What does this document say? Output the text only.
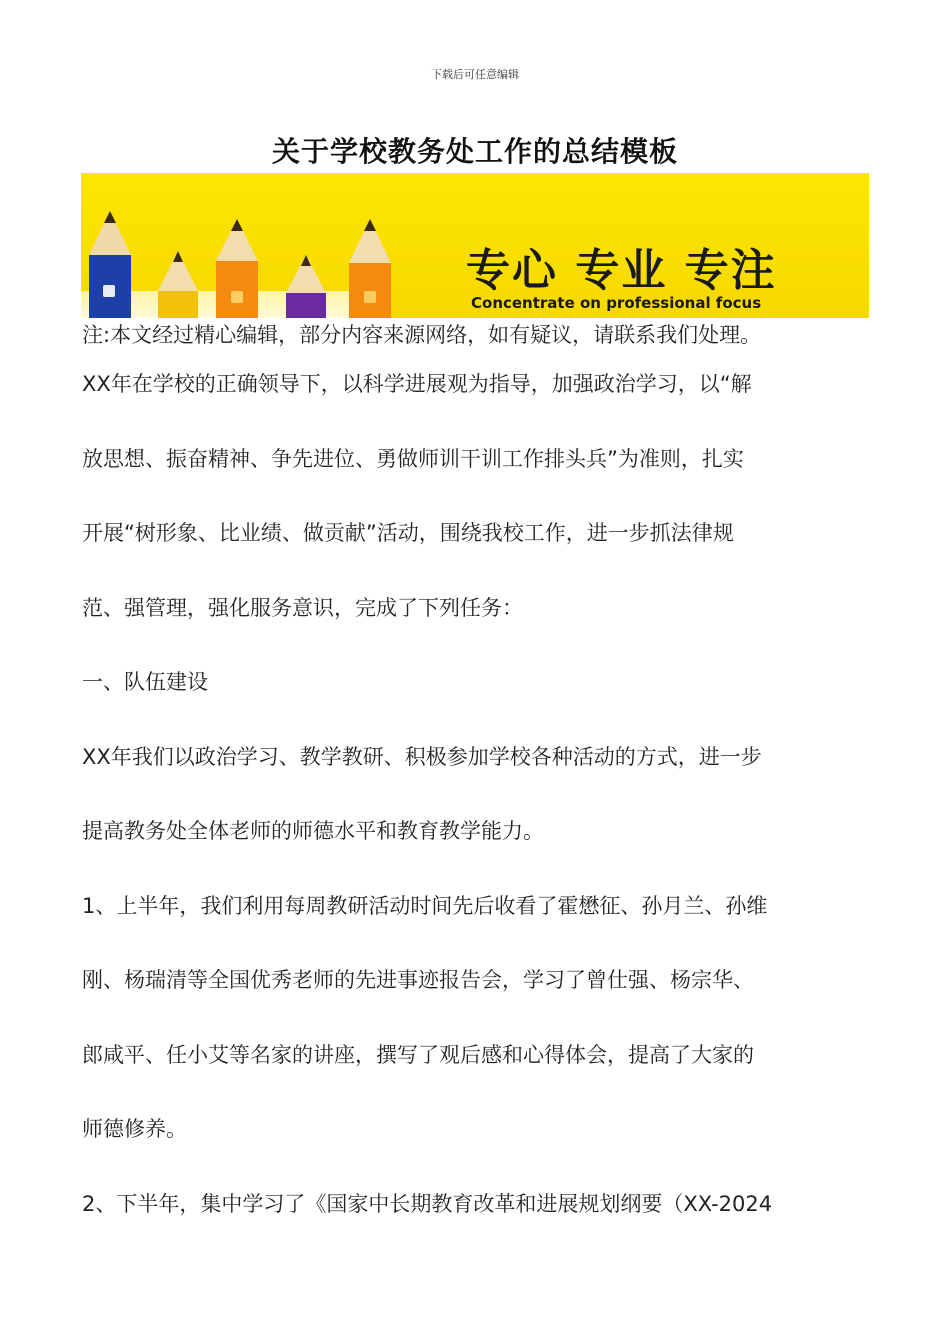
下载后可任意编辑
关于学校教务处工作的总结模板
专心 专业 专注
Concentrate on professional focus
注:本文经过精心编辑，部分内容来源网络，如有疑议，请联系我们处理。

XX年在学校的正确领导下，以科学进展观为指导，加强政治学习，以“解
放思想、振奋精神、争先进位、勇做师训干训工作排头兵”为准则，扎实
开展“树形象、比业绩、做贡献”活动，围绕我校工作，进一步抓法律规
范、强管理，强化服务意识，完成了下列任务：

一、队伍建设

XX年我们以政治学习、教学教研、积极参加学校各种活动的方式，进一步
提高教务处全体老师的师德水平和教育教学能力。

1、上半年，我们利用每周教研活动时间先后收看了霍懋征、孙月兰、孙维
刚、杨瑞清等全国优秀老师的先进事迹报告会，学习了曾仕强、杨宗华、
郎咸平、任小艾等名家的讲座，撰写了观后感和心得体会，提高了大家的
师德修养。

2、下半年，集中学习了《国家中长期教育改革和进展规划纲要（XX-2024
